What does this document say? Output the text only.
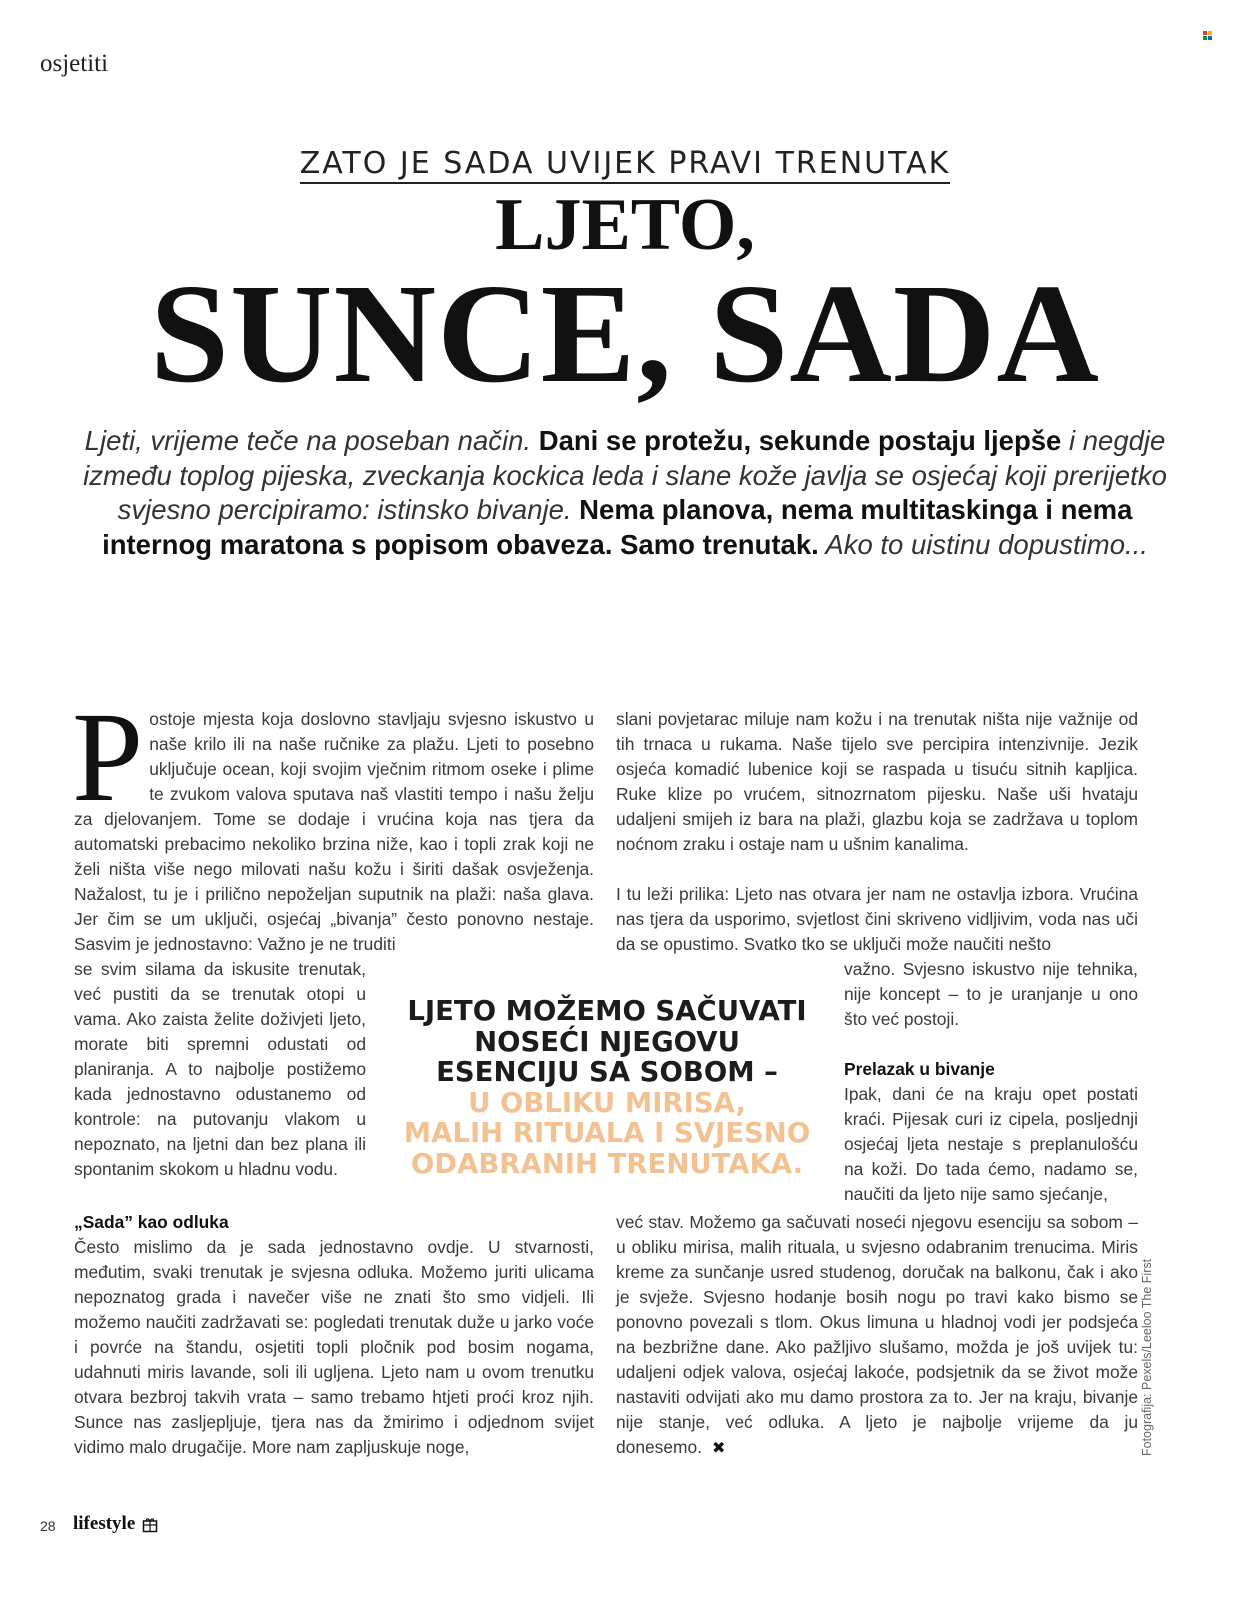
osjetiti
ZATO JE SADA UVIJEK PRAVI TRENUTAK
LJETO,
SUNCE, SADA
Ljeti, vrijeme teče na poseban način. Dani se protežu, sekunde postaju ljepše i negdje između toplog pijeska, zveckanja kockica leda i slane kože javlja se osjećaj koji prerijetko svjesno percipiramo: istinsko bivanje. Nema planova, nema multitaskinga i nema internog maratona s popisom obaveza. Samo trenutak. Ako to uistinu dopustimo...
P ostoje mjesta koja doslovno stavljaju svjesno iskustvo u naše krilo ili na naše ručnike za plažu. Ljeti to posebno uključuje ocean, koji svojim vječnim ritmom oseke i plime te zvukom valova sputava naš vlastiti tempo i našu želju za djelovanjem. Tome se dodaje i vrućina koja nas tjera da automatski prebacimo nekoliko brzina niže, kao i topli zrak koji ne želi ništa više nego milovati našu kožu i širiti dašak osvježenja. Nažalost, tu je i prilično nepoželjan suputnik na plaži: naša glava. Jer čim se um uključi, osjećaj „bivanja” često ponovno nestaje. Sasvim je jednostavno: Važno je ne truditi

se svim silama da iskusite trenutak, već pustiti da se trenutak otopi u vama. Ako zaista želite doživjeti ljeto, morate biti spremni odustati od planiranja. A to najbolje postižemo kada jednostavno odustanemo od kontrole: na putovanju vlakom u nepoznato, na ljetni dan bez plana ili spontanim skokom u hladnu vodu.

„Sada” kao odluka

Često mislimo da je sada jednostavno ovdje. U stvarnosti, međutim, svaki trenutak je svjesna odluka. Možemo juriti ulicama nepoznatog grada i navečer više ne znati što smo vidjeli. Ili možemo naučiti zadržavati se: pogledati trenutak duže u jarko voće i povrće na štandu, osjetiti topli pločnik pod bosim nogama, udahnuti miris lavande, soli ili ugljena. Ljeto nam u ovom trenutku otvara bezbroj takvih vrata – samo trebamo htjeti proći kroz njih. Sunce nas zasljepljuje, tjera nas da žmirimo i odjednom svijet vidimo malo drugačije. More nam zapljuskuje noge,

slani povjetarac miluje nam kožu i na trenutak ništa nije važnije od tih trnaca u rukama. Naše tijelo sve percipira intenzivnije. Jezik osjeća komadić lubenice koji se raspada u tisuću sitnih kapljica. Ruke klize po vrućem, sitnozrnatom pijesku. Naše uši hvataju udaljeni smijeh iz bara na plaži, glazbu koja se zadržava u toplom noćnom zraku i ostaje nam u ušnim kanalima.

I tu leži prilika: Ljeto nas otvara jer nam ne ostavlja izbora. Vrućina nas tjera da usporimo, svjetlost čini skriveno vidljivim, voda nas uči da se opustimo. Svatko tko se uključi može naučiti nešto

važno. Svjesno iskustvo nije tehnika, nije koncept – to je uranjanje u ono što već postoji.

Prelazak u bivanje

Ipak, dani će na kraju opet postati kraći. Pijesak curi iz cipela, posljednji osjećaj ljeta nestaje s preplanulošću na koži. Do tada ćemo, nadamo se, naučiti da ljeto nije samo sjećanje,

već stav. Možemo ga sačuvati noseći njegovu esenciju sa sobom – u obliku mirisa, malih rituala, u svjesno odabranim trenucima. Miris kreme za sunčanje usred studenog, doručak na balkonu, čak i ako je svježe. Svjesno hodanje bosih nogu po travi kako bismo se ponovno povezali s tlom. Okus limuna u hladnoj vodi jer podsjeća na bezbrižne dane. Ako pažljivo slušamo, možda je još uvijek tu: udaljeni odjek valova, osjećaj lakoće, podsjetnik da se život može nastaviti odvijati ako mu damo prostora za to. Jer na kraju, bivanje nije stanje, već odluka. A ljeto je najbolje vrijeme da ju donesemo. ✖

LJETO MOŽEMO SAČUVATI
NOSEĆI NJEGOVU
ESENCIJU SA SOBOM –
U OBLIKU MIRISA,
MALIH RITUALA I SVJESNO
ODABRANIH TRENUTAKA.
Fotografija: Pexels/Leeloo The First
28 lifestyle
